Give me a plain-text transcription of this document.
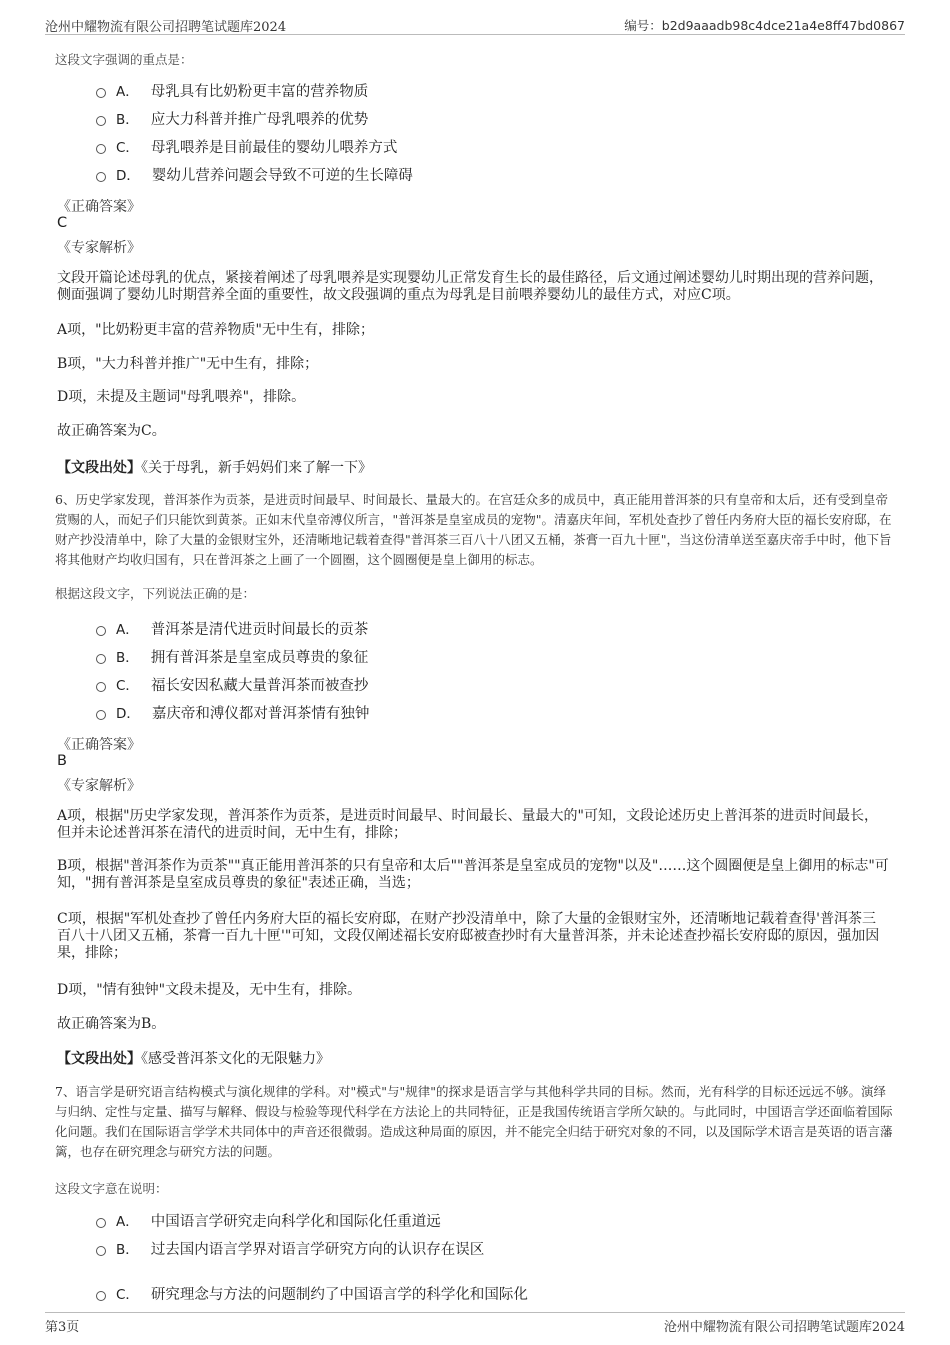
沧州中耀物流有限公司招聘笔试题库2024	编号：b2d9aaadb98c4dce21a4e8ff47bd0867
这段文字强调的重点是：
A． 母乳具有比奶粉更丰富的营养物质
B． 应大力科普并推广母乳喂养的优势
C． 母乳喂养是目前最佳的婴幼儿喂养方式
D． 婴幼儿营养问题会导致不可逆的生长障碍
《正确答案》
C
《专家解析》
文段开篇论述母乳的优点，紧接着阐述了母乳喂养是实现婴幼儿正常发育生长的最佳路径，后文通过阐述婴幼儿时期出现的营养问题，侧面强调了婴幼儿时期营养全面的重要性，故文段强调的重点为母乳是目前喂养婴幼儿的最佳方式，对应C项。
A项，"比奶粉更丰富的营养物质"无中生有，排除；
B项，"大力科普并推广"无中生有，排除；
D项，未提及主题词"母乳喂养"，排除。
故正确答案为C。
【文段出处】《关于母乳，新手妈妈们来了解一下》
6、历史学家发现，普洱茶作为贡茶，是进贡时间最早、时间最长、量最大的。在宫廷众多的成员中，真正能用普洱茶的只有皇帝和太后，还有受到皇帝赏赐的人，而妃子们只能饮到黄茶。正如末代皇帝溥仪所言，"普洱茶是皇室成员的宠物"。清嘉庆年间，军机处查抄了曾任内务府大臣的福长安府邸，在财产抄没清单中，除了大量的金银财宝外，还清晰地记载着查得"普洱茶三百八十八团又五桶，茶膏一百九十匣"，当这份清单送至嘉庆帝手中时，他下旨将其他财产均收归国有，只在普洱茶之上画了一个圆圈，这个圆圈便是皇上御用的标志。
根据这段文字，下列说法正确的是：
A． 普洱茶是清代进贡时间最长的贡茶
B． 拥有普洱茶是皇室成员尊贵的象征
C． 福长安因私藏大量普洱茶而被查抄
D． 嘉庆帝和溥仪都对普洱茶情有独钟
《正确答案》
B
《专家解析》
A项，根据"历史学家发现，普洱茶作为贡茶，是进贡时间最早、时间最长、量最大的"可知，文段论述历史上普洱茶的进贡时间最长，但并未论述普洱茶在清代的进贡时间，无中生有，排除；
B项，根据"普洱茶作为贡茶""真正能用普洱茶的只有皇帝和太后""普洱茶是皇室成员的宠物"以及"……这个圆圈便是皇上御用的标志"可知，"拥有普洱茶是皇室成员尊贵的象征"表述正确，当选；
C项，根据"军机处查抄了曾任内务府大臣的福长安府邸，在财产抄没清单中，除了大量的金银财宝外，还清晰地记载着查得'普洱茶三百八十八团又五桶，茶膏一百九十匣'"可知，文段仅阐述福长安府邸被查抄时有大量普洱茶，并未论述查抄福长安府邸的原因，强加因果，排除；
D项，"情有独钟"文段未提及，无中生有，排除。
故正确答案为B。
【文段出处】《感受普洱茶文化的无限魅力》
7、语言学是研究语言结构模式与演化规律的学科。对"模式"与"规律"的探求是语言学与其他科学共同的目标。然而，光有科学的目标还远远不够。演绎与归纳、定性与定量、描写与解释、假设与检验等现代科学在方法论上的共同特征，正是我国传统语言学所欠缺的。与此同时，中国语言学还面临着国际化问题。我们在国际语言学学术共同体中的声音还很微弱。造成这种局面的原因，并不能完全归结于研究对象的不同，以及国际学术语言是英语的语言藩篱，也存在研究理念与研究方法的问题。
这段文字意在说明：
A． 中国语言学研究走向科学化和国际化任重道远
B． 过去国内语言学界对语言学研究方向的认识存在误区
C． 研究理念与方法的问题制约了中国语言学的科学化和国际化
第3页	沧州中耀物流有限公司招聘笔试题库2024
